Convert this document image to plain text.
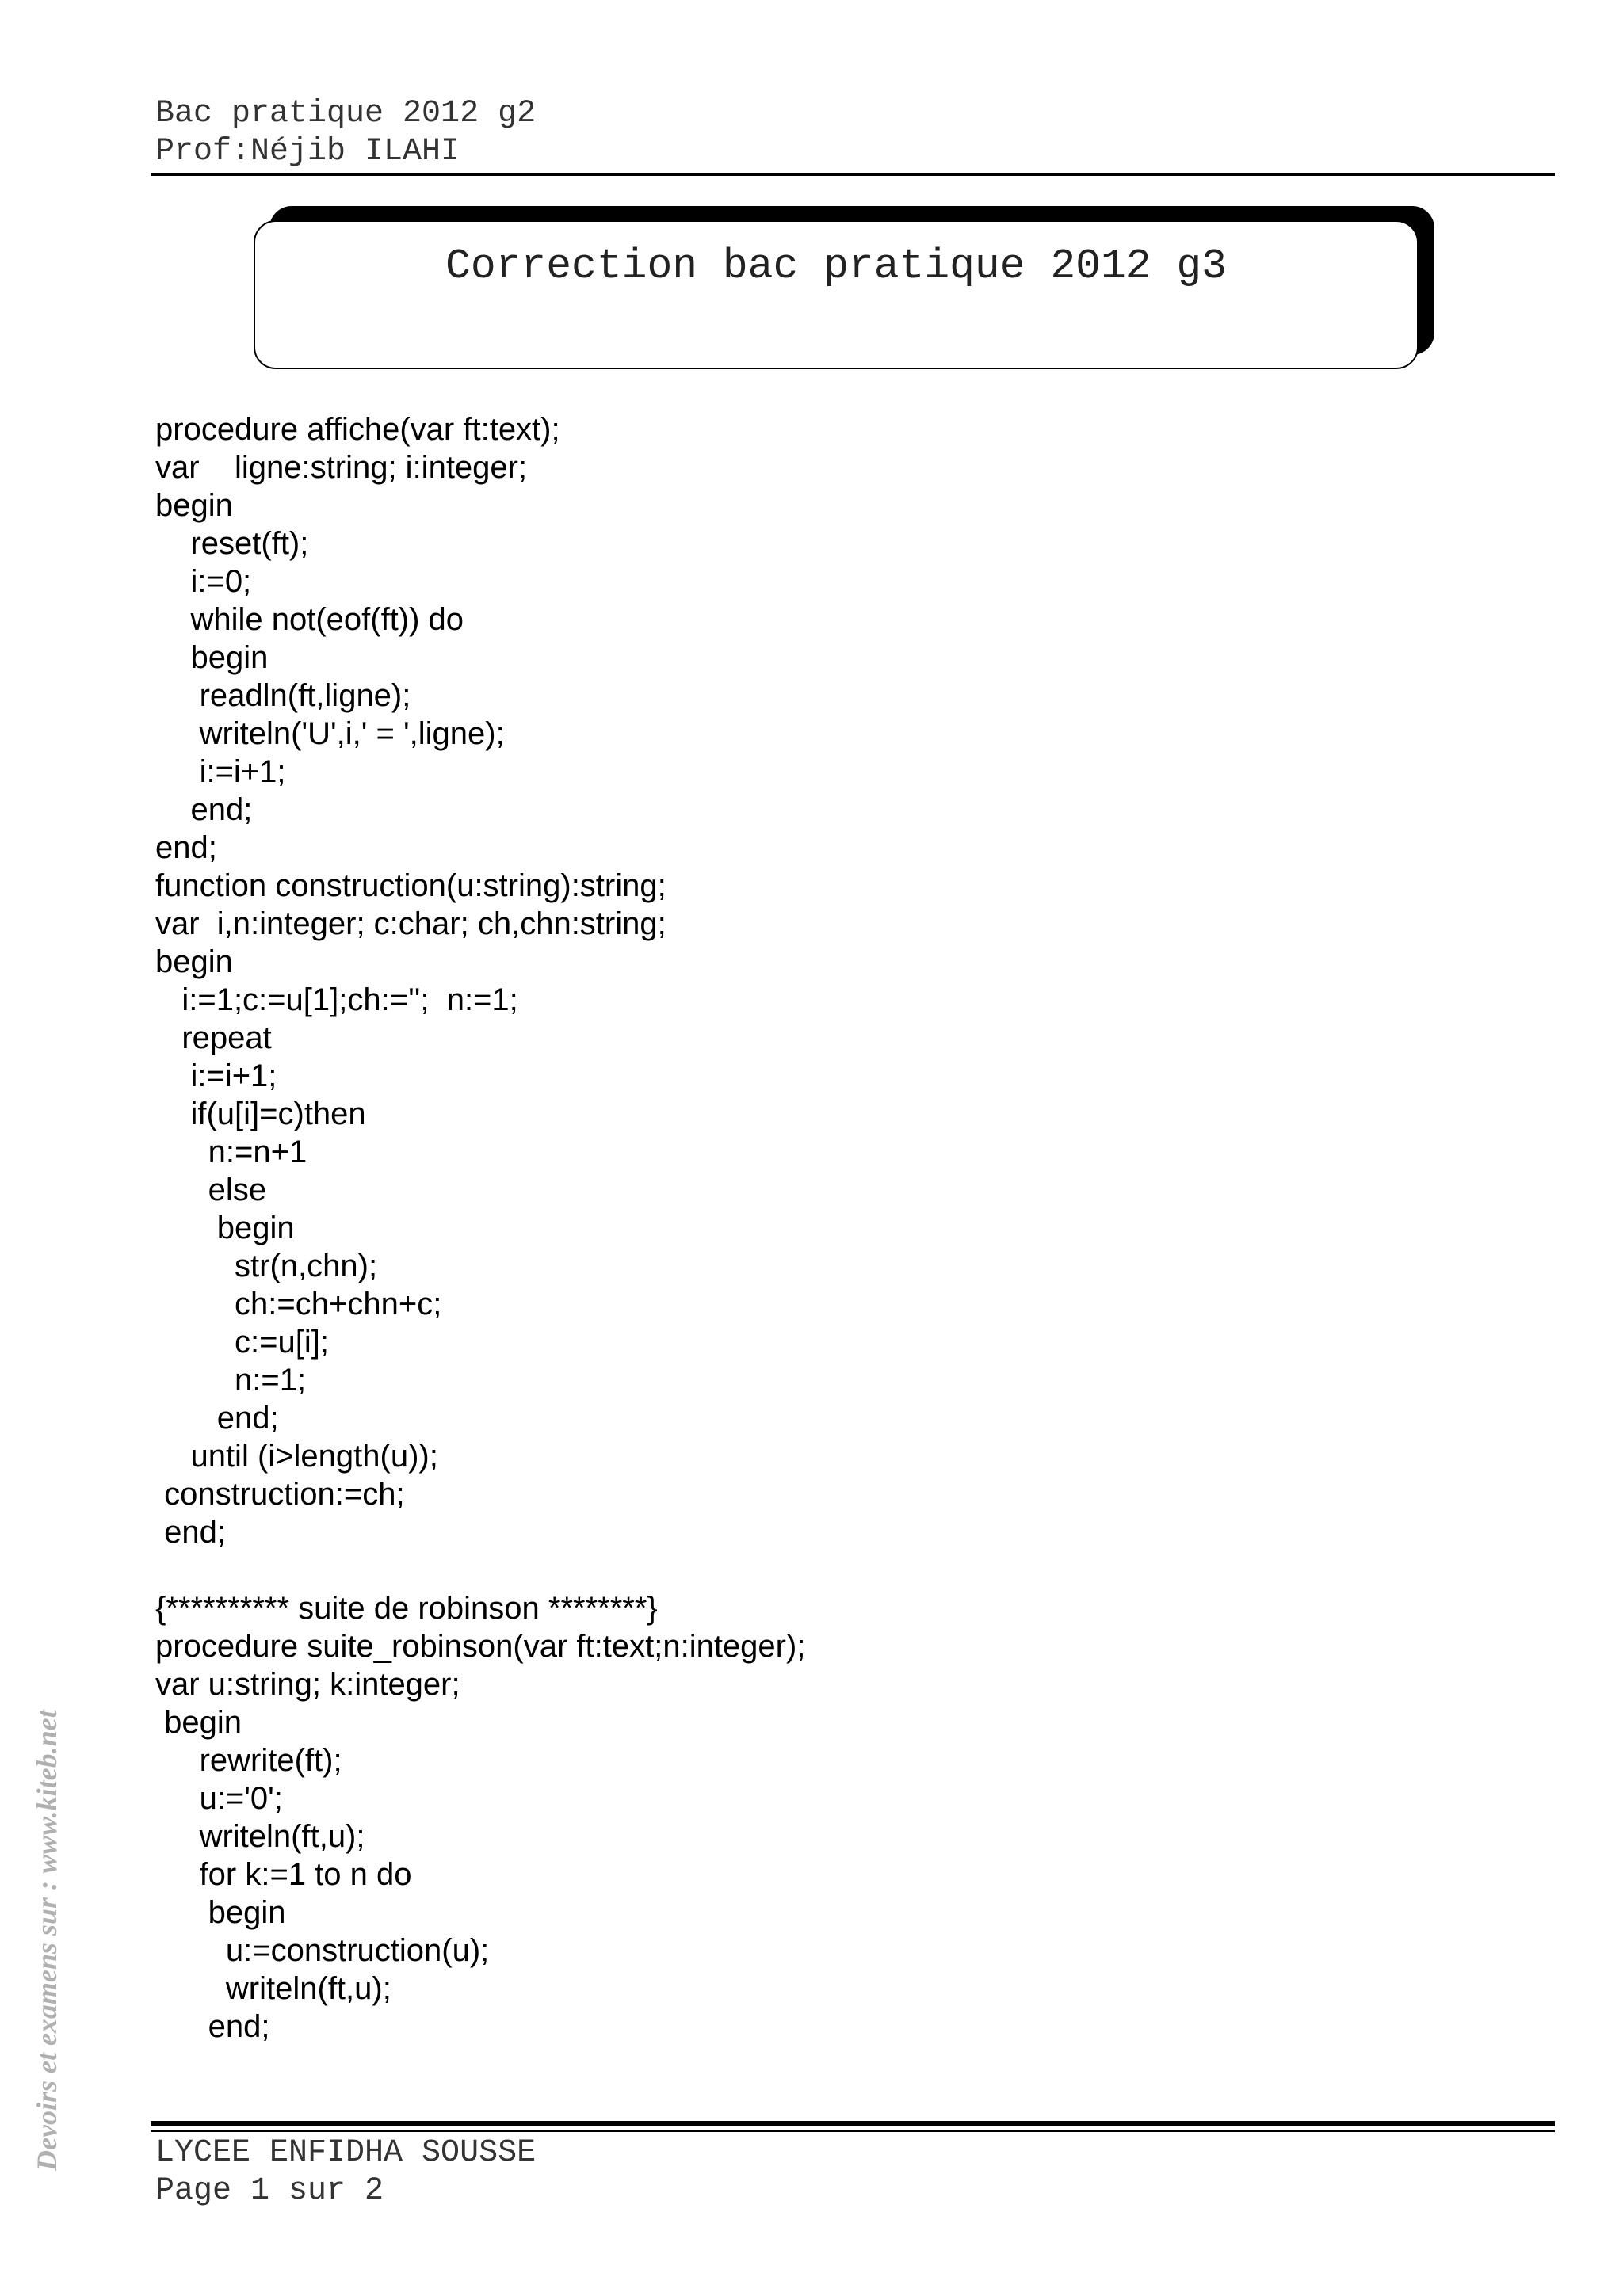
Bac pratique 2012 g2
Prof:Néjib ILAHI
Correction bac pratique 2012 g3
procedure affiche(var ft:text);
var    ligne:string; i:integer;
begin
reset(ft);
i:=0;
while not(eof(ft)) do
begin
readln(ft,ligne);
writeln('U',i,' = ',ligne);
i:=i+1;
end;
end;
function construction(u:string):string;
var  i,n:integer; c:char; ch,chn:string;
begin
i:=1;c:=u[1];ch:='';  n:=1;
repeat
i:=i+1;
if(u[i]=c)then
n:=n+1
else
begin
str(n,chn);
ch:=ch+chn+c;
c:=u[i];
n:=1;
end;
until (i>length(u));
construction:=ch;
end;
{********** suite de robinson ********}
procedure suite_robinson(var ft:text;n:integer);
var u:string; k:integer;
begin
rewrite(ft);
u:='0';
writeln(ft,u);
for k:=1 to n do
begin
u:=construction(u);
writeln(ft,u);
end;
LYCEE ENFIDHA SOUSSE
Page 1 sur 2
Devoirs et examens sur : www.kiteb.net
